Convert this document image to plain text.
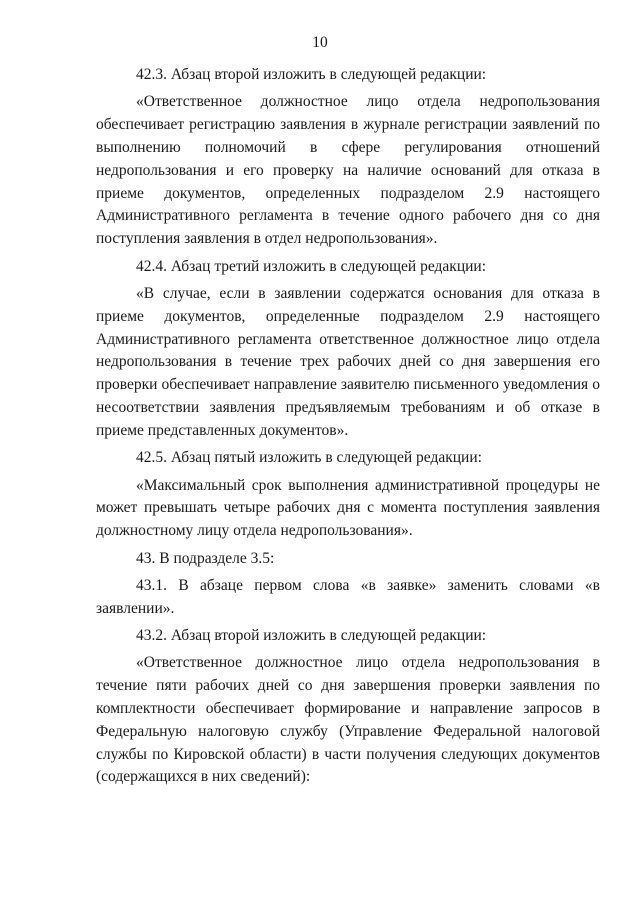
10

42.3. Абзац второй изложить в следующей редакции:

«Ответственное должностное лицо отдела недропользования обеспечивает регистрацию заявления в журнале регистрации заявлений по выполнению полномочий в сфере регулирования отношений недропользования и его проверку на наличие оснований для отказа в приеме документов, определенных подразделом 2.9 настоящего Административного регламента в течение одного рабочего дня со дня поступления заявления в отдел недропользования».

42.4. Абзац третий изложить в следующей редакции:

«В случае, если в заявлении содержатся основания для отказа в приеме документов, определенные подразделом 2.9 настоящего Административного регламента ответственное должностное лицо отдела недропользования в течение трех рабочих дней со дня завершения его проверки обеспечивает направление заявителю письменного уведомления о несоответствии заявления предъявляемым требованиям и об отказе в приеме представленных документов».

42.5. Абзац пятый изложить в следующей редакции:

«Максимальный срок выполнения административной процедуры не может превышать четыре рабочих дня с момента поступления заявления должностному лицу отдела недропользования».

43. В подразделе 3.5:

43.1. В абзаце первом слова «в заявке» заменить словами «в заявлении».

43.2. Абзац второй изложить в следующей редакции:

«Ответственное должностное лицо отдела недропользования в течение пяти рабочих дней со дня завершения проверки заявления по комплектности обеспечивает формирование и направление запросов в Федеральную налоговую службу (Управление Федеральной налоговой службы по Кировской области) в части получения следующих документов (содержащихся в них сведений):
